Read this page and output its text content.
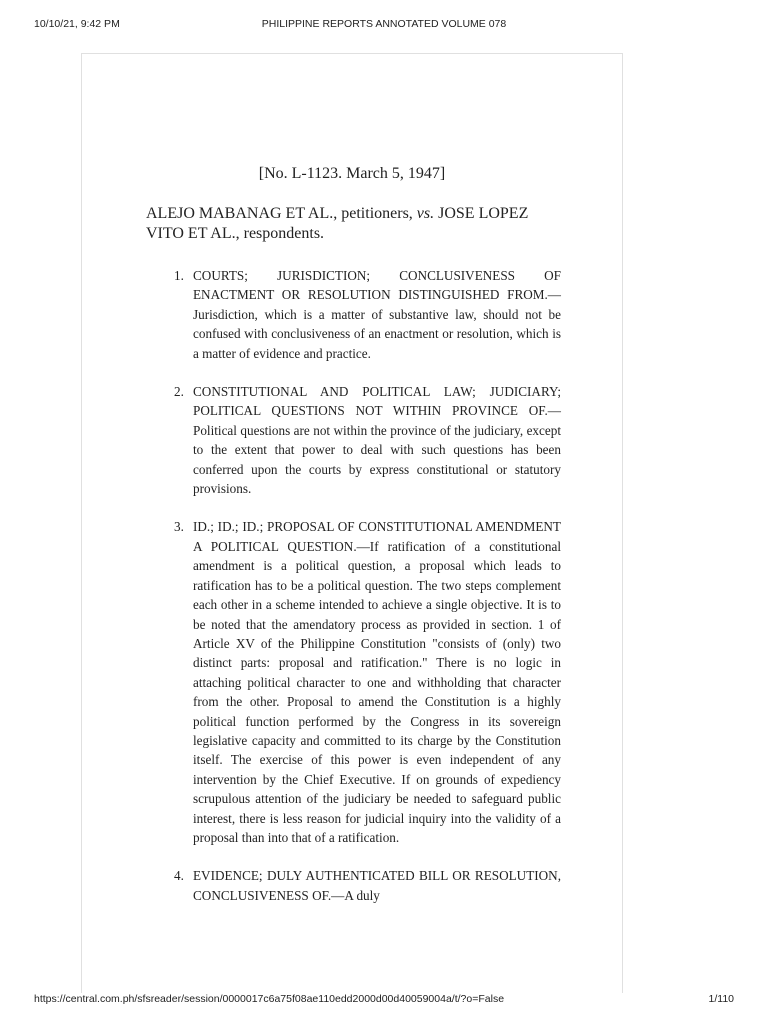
10/10/21, 9:42 PM	PHILIPPINE REPORTS ANNOTATED VOLUME 078
[No. L-1123. March 5, 1947]
ALEJO MABANAG ET AL., petitioners, vs. JOSE LOPEZ VITO ET AL., respondents.
1. COURTS; JURISDICTION; CONCLUSIVENESS OF ENACTMENT OR RESOLUTION DISTINGUISHED FROM.—Jurisdiction, which is a matter of substantive law, should not be confused with conclusiveness of an enactment or resolution, which is a matter of evidence and practice.
2. CONSTITUTIONAL AND POLITICAL LAW; JUDICIARY; POLITICAL QUESTIONS NOT WITHIN PROVINCE OF.—Political questions are not within the province of the judiciary, except to the extent that power to deal with such questions has been conferred upon the courts by express constitutional or statutory provisions.
3. ID.; ID.; ID.; PROPOSAL OF CONSTITUTIONAL AMENDMENT A POLITICAL QUESTION.—If ratification of a constitutional amendment is a political question, a proposal which leads to ratification has to be a political question. The two steps complement each other in a scheme intended to achieve a single objective. It is to be noted that the amendatory process as provided in section. 1 of Article XV of the Philippine Constitution "consists of (only) two distinct parts: proposal and ratification." There is no logic in attaching political character to one and withholding that character from the other. Proposal to amend the Constitution is a highly political function performed by the Congress in its sovereign legislative capacity and committed to its charge by the Constitution itself. The exercise of this power is even independent of any intervention by the Chief Executive. If on grounds of expediency scrupulous attention of the judiciary be needed to safeguard public interest, there is less reason for judicial inquiry into the validity of a proposal than into that of a ratification.
4. EVIDENCE; DULY AUTHENTICATED BILL OR RESOLUTION, CONCLUSIVENESS OF.—A duly
https://central.com.ph/sfsreader/session/0000017c6a75f08ae110edd2000d00d40059004a/t/?o=False	1/110
